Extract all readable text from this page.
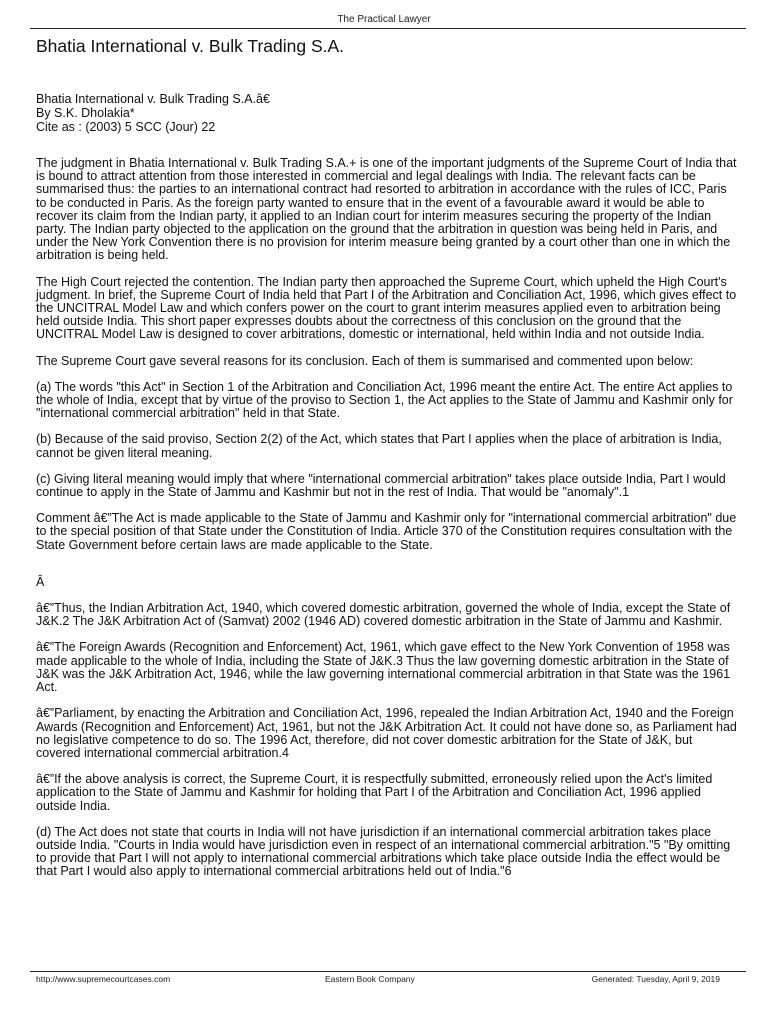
The Practical Lawyer
Bhatia International v. Bulk Trading S.A.
Bhatia International v. Bulk Trading S.A.â€
By S.K. Dholakia*
Cite as : (2003) 5 SCC (Jour) 22

The judgment in Bhatia International v. Bulk Trading S.A.+ is one of the important judgments of the Supreme Court of India that is bound to attract attention from those interested in commercial and legal dealings with India. The relevant facts can be summarised thus: the parties to an international contract had resorted to arbitration in accordance with the rules of ICC, Paris to be conducted in Paris. As the foreign party wanted to ensure that in the event of a favourable award it would be able to recover its claim from the Indian party, it applied to an Indian court for interim measures securing the property of the Indian party. The Indian party objected to the application on the ground that the arbitration in question was being held in Paris, and under the New York Convention there is no provision for interim measure being granted by a court other than one in which the arbitration is being held.

The High Court rejected the contention. The Indian party then approached the Supreme Court, which upheld the High Court's judgment. In brief, the Supreme Court of India held that Part I of the Arbitration and Conciliation Act, 1996, which gives effect to the UNCITRAL Model Law and which confers power on the court to grant interim measures applied even to arbitration being held outside India. This short paper expresses doubts about the correctness of this conclusion on the ground that the UNCITRAL Model Law is designed to cover arbitrations, domestic or international, held within India and not outside India.

The Supreme Court gave several reasons for its conclusion. Each of them is summarised and commented upon below:

(a) The words "this Act" in Section 1 of the Arbitration and Conciliation Act, 1996 meant the entire Act. The entire Act applies to the whole of India, except that by virtue of the proviso to Section 1, the Act applies to the State of Jammu and Kashmir only for "international commercial arbitration" held in that State.

(b) Because of the said proviso, Section 2(2) of the Act, which states that Part I applies when the place of arbitration is India, cannot be given literal meaning.

(c) Giving literal meaning would imply that where "international commercial arbitration" takes place outside India, Part I would continue to apply in the State of Jammu and Kashmir but not in the rest of India. That would be "anomaly".1

Comment â€”The Act is made applicable to the State of Jammu and Kashmir only for "international commercial arbitration" due to the special position of that State under the Constitution of India. Article 370 of the Constitution requires consultation with the State Government before certain laws are made applicable to the State.

Â

â€”Thus, the Indian Arbitration Act, 1940, which covered domestic arbitration, governed the whole of India, except the State of J&K.2 The J&K Arbitration Act of (Samvat) 2002 (1946 AD) covered domestic arbitration in the State of Jammu and Kashmir.

â€”The Foreign Awards (Recognition and Enforcement) Act, 1961, which gave effect to the New York Convention of 1958 was made applicable to the whole of India, including the State of J&K.3 Thus the law governing domestic arbitration in the State of J&K was the J&K Arbitration Act, 1946, while the law governing international commercial arbitration in that State was the 1961 Act.

â€”Parliament, by enacting the Arbitration and Conciliation Act, 1996, repealed the Indian Arbitration Act, 1940 and the Foreign Awards (Recognition and Enforcement) Act, 1961, but not the J&K Arbitration Act. It could not have done so, as Parliament had no legislative competence to do so. The 1996 Act, therefore, did not cover domestic arbitration for the State of J&K, but covered international commercial arbitration.4

â€”If the above analysis is correct, the Supreme Court, it is respectfully submitted, erroneously relied upon the Act's limited application to the State of Jammu and Kashmir for holding that Part I of the Arbitration and Conciliation Act, 1996 applied outside India.

(d) The Act does not state that courts in India will not have jurisdiction if an international commercial arbitration takes place outside India. "Courts in India would have jurisdiction even in respect of an international commercial arbitration."5 "By omitting to provide that Part I will not apply to international commercial arbitrations which take place outside India the effect would be that Part I would also apply to international commercial arbitrations held out of India."6

http://www.supremecourtcases.com	Eastern Book Company	Generated: Tuesday, April 9, 2019
